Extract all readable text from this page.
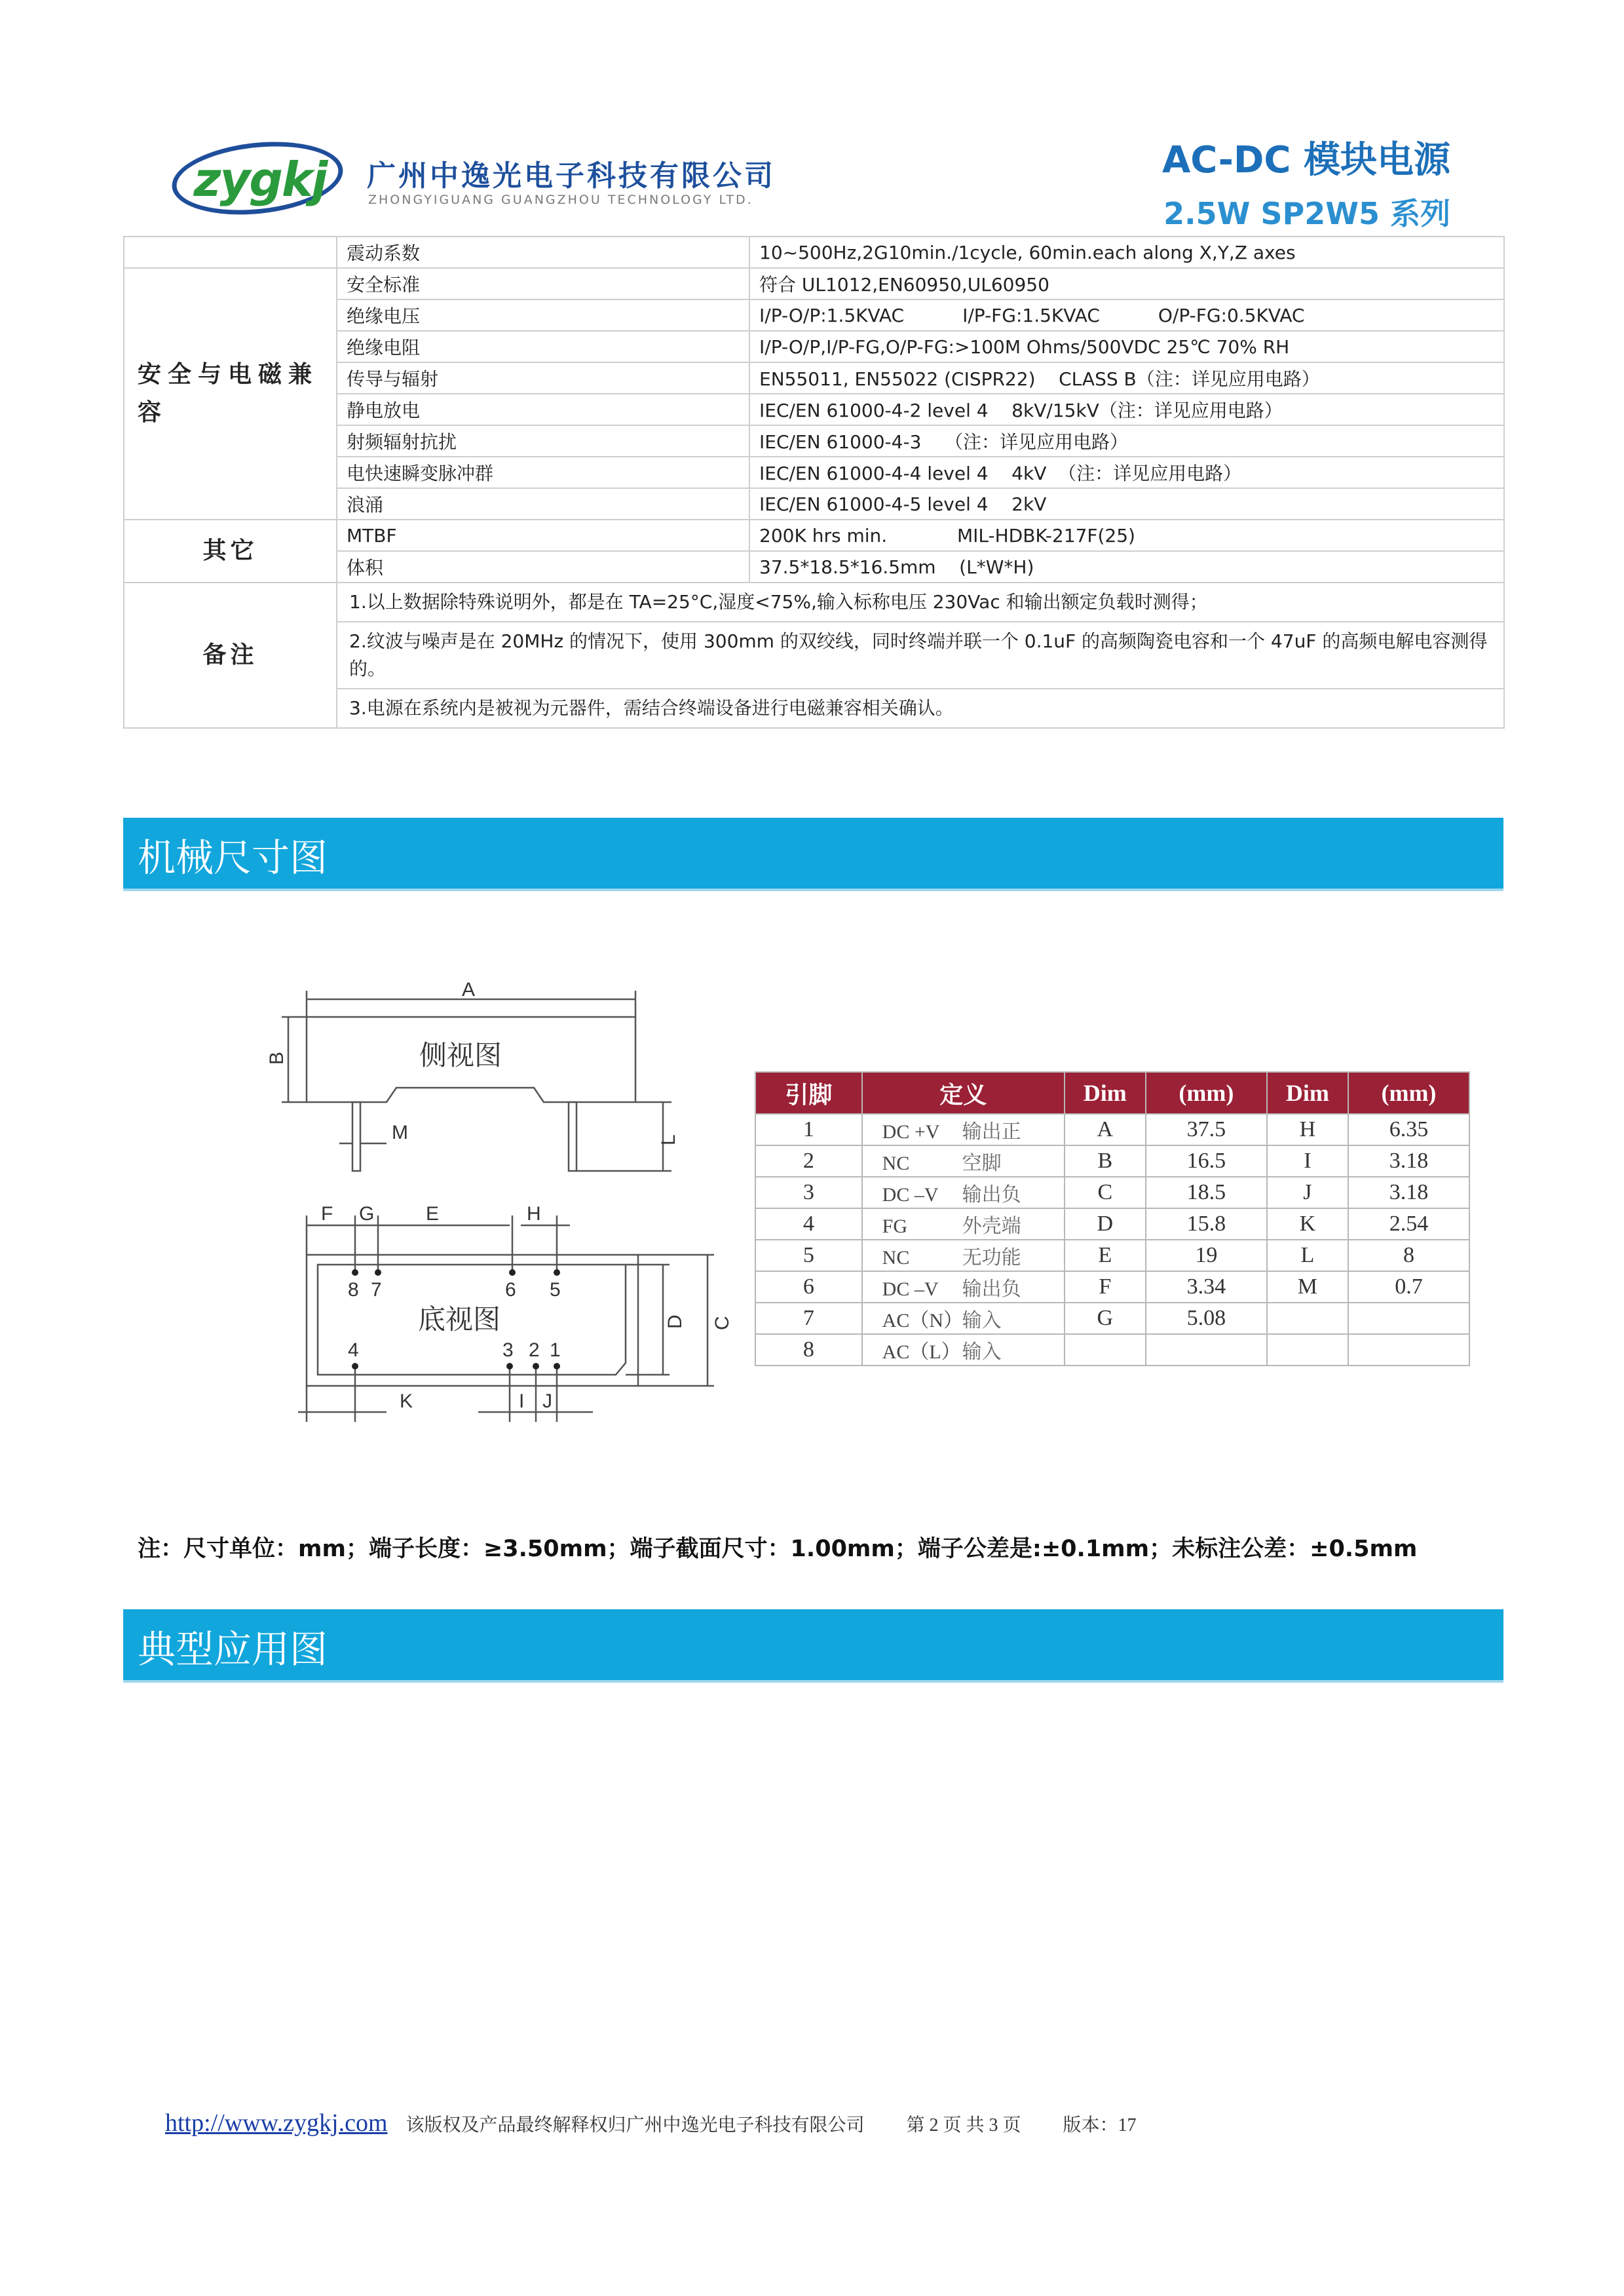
zygkj	广州中逸光电子科技有限公司
ZHONGYIGUANG GUANGZHOU TECHNOLOGY LTD.
AC-DC 模块电源
2.5W SP2W5 系列
	震动系数	10~500Hz,2G10min./1cycle, 60min.each along X,Y,Z axes
安全与电磁兼容	安全标准	符合 UL1012,EN60950,UL60950
	绝缘电压	I/P-O/P:1.5KVAC          I/P-FG:1.5KVAC          O/P-FG:0.5KVAC
	绝缘电阻	I/P-O/P,I/P-FG,O/P-FG:>100M Ohms/500VDC 25℃ 70% RH
	传导与辐射	EN55011, EN55022 (CISPR22)    CLASS B（注：详见应用电路）
	静电放电	IEC/EN 61000-4-2 level 4    8kV/15kV（注：详见应用电路）
	射频辐射抗扰	IEC/EN 61000-4-3    （注：详见应用电路）
	电快速瞬变脉冲群	IEC/EN 61000-4-4 level 4    4kV  （注：详见应用电路）
	浪涌	IEC/EN 61000-4-5 level 4    2kV
其它	MTBF	200K hrs min.            MIL-HDBK-217F(25)
	体积	37.5*18.5*16.5mm    (L*W*H)
备注	1.以上数据除特殊说明外，都是在 TA=25°C,湿度<75%,输入标称电压 230Vac 和输出额定负载时测得；	
	2.纹波与噪声是在 20MHz 的情况下，使用 300mm 的双绞线，同时终端并联一个 0.1uF 的高频陶瓷电容和一个 47uF 的高频电解电容测得的。	
	3.电源在系统内是被视为元器件，需结合终端设备进行电磁兼容相关确认。	
机械尺寸图
A
B
L
M
F G	E	H
C
D
K	I J
8 7	6 5
4	3 2 1
侧视图
底视图
引脚	定义	Dim	(mm)	Dim	(mm)
1	DC +V 输出正	A	37.5	H	6.35
2	NC 空脚	B	16.5	I	3.18
3	DC –V 输出负	C	18.5	J	3.18
4	FG 外壳端	D	15.8	K	2.54
5	NC 无功能	E	19	L	8
6	DC –V 输出负	F	3.34	M	0.7
7	AC（N）输入	G	5.08		
8	AC（L）输入				
注：尺寸单位：mm；端子长度：≥3.50mm；端子截面尺寸：1.00mm；端子公差是:±0.1mm；未标注公差：±0.5mm
典型应用图
http://www.zygkj.com 该版权及产品最终解释权归广州中逸光电子科技有限公司 第 2 页 共 3 页 版本：17
